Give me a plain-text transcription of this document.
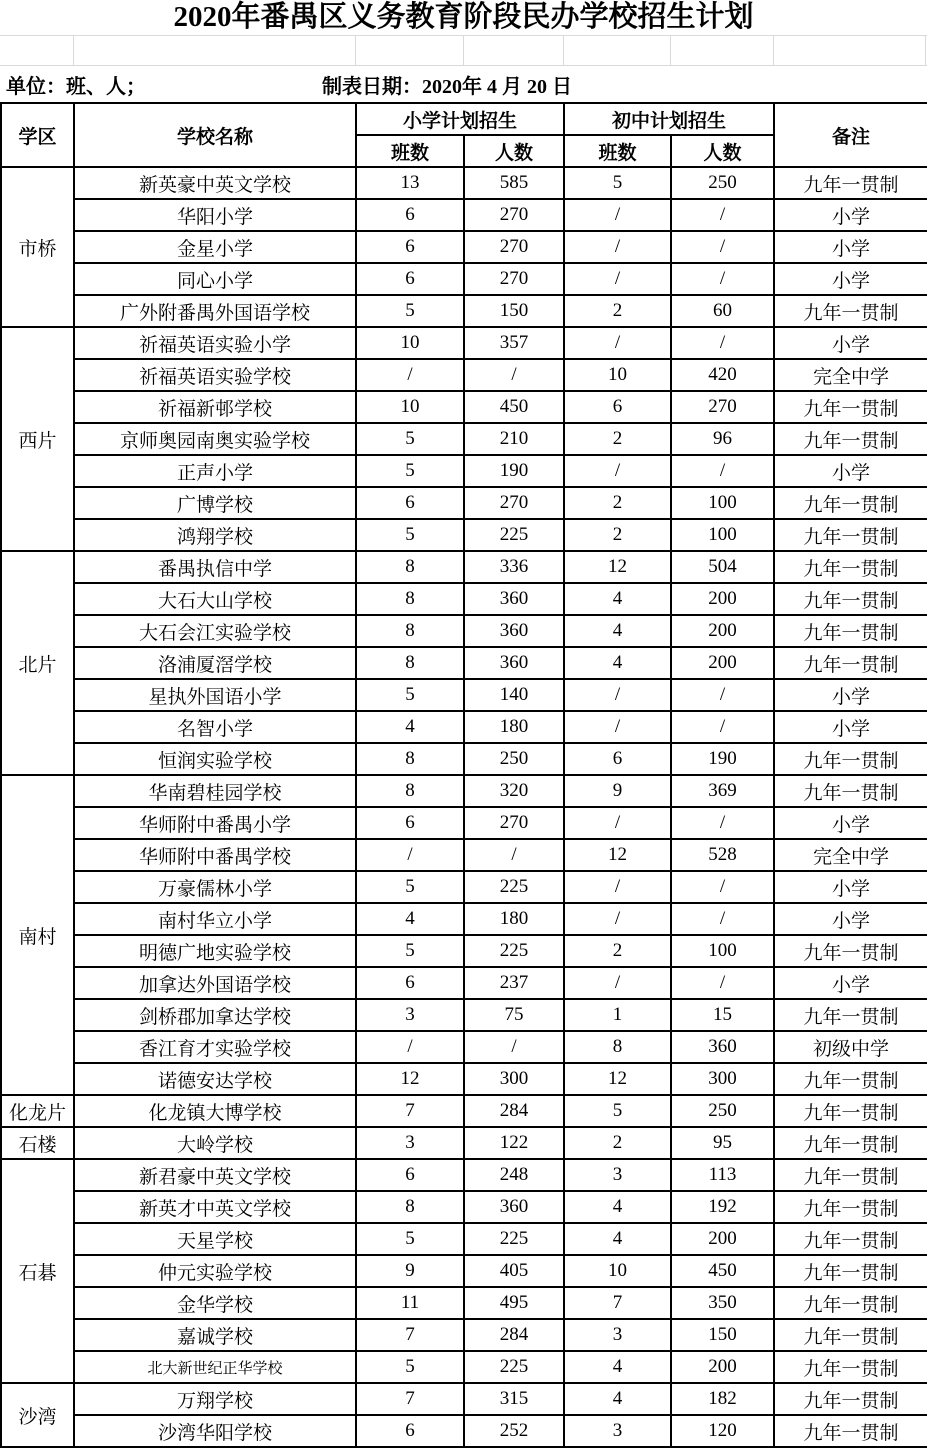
2020年番禺区义务教育阶段民办学校招生计划
单位：班、人；	制表日期：2020年 4 月 20 日
学区	学校名称	小学计划招生		初中计划招生		备注
		班数	人数	班数	人数	
市桥	新英豪中英文学校	13	585	5	250	九年一贯制
	华阳小学	6	270	/	/	小学
	金星小学	6	270	/	/	小学
	同心小学	6	270	/	/	小学
	广外附番禺外国语学校	5	150	2	60	九年一贯制
西片	祈福英语实验小学	10	357	/	/	小学
	祈福英语实验学校	/	/	10	420	完全中学
	祈福新邨学校	10	450	6	270	九年一贯制
	京师奥园南奥实验学校	5	210	2	96	九年一贯制
	正声小学	5	190	/	/	小学
	广博学校	6	270	2	100	九年一贯制
	鸿翔学校	5	225	2	100	九年一贯制
北片	番禺执信中学	8	336	12	504	九年一贯制
	大石大山学校	8	360	4	200	九年一贯制
	大石会江实验学校	8	360	4	200	九年一贯制
	洛浦厦滘学校	8	360	4	200	九年一贯制
	星执外国语小学	5	140	/	/	小学
	名智小学	4	180	/	/	小学
	恒润实验学校	8	250	6	190	九年一贯制
南村	华南碧桂园学校	8	320	9	369	九年一贯制
	华师附中番禺小学	6	270	/	/	小学
	华师附中番禺学校	/	/	12	528	完全中学
	万豪儒林小学	5	225	/	/	小学
	南村华立小学	4	180	/	/	小学
	明德广地实验学校	5	225	2	100	九年一贯制
	加拿达外国语学校	6	237	/	/	小学
	剑桥郡加拿达学校	3	75	1	15	九年一贯制
	香江育才实验学校	/	/	8	360	初级中学
	诺德安达学校	12	300	12	300	九年一贯制
化龙片	化龙镇大博学校	7	284	5	250	九年一贯制
石楼	大岭学校	3	122	2	95	九年一贯制
石碁	新君豪中英文学校	6	248	3	113	九年一贯制
	新英才中英文学校	8	360	4	192	九年一贯制
	天星学校	5	225	4	200	九年一贯制
	仲元实验学校	9	405	10	450	九年一贯制
	金华学校	11	495	7	350	九年一贯制
	嘉诚学校	7	284	3	150	九年一贯制
	北大新世纪正华学校	5	225	4	200	九年一贯制
沙湾	万翔学校	7	315	4	182	九年一贯制
	沙湾华阳学校	6	252	3	120	九年一贯制
